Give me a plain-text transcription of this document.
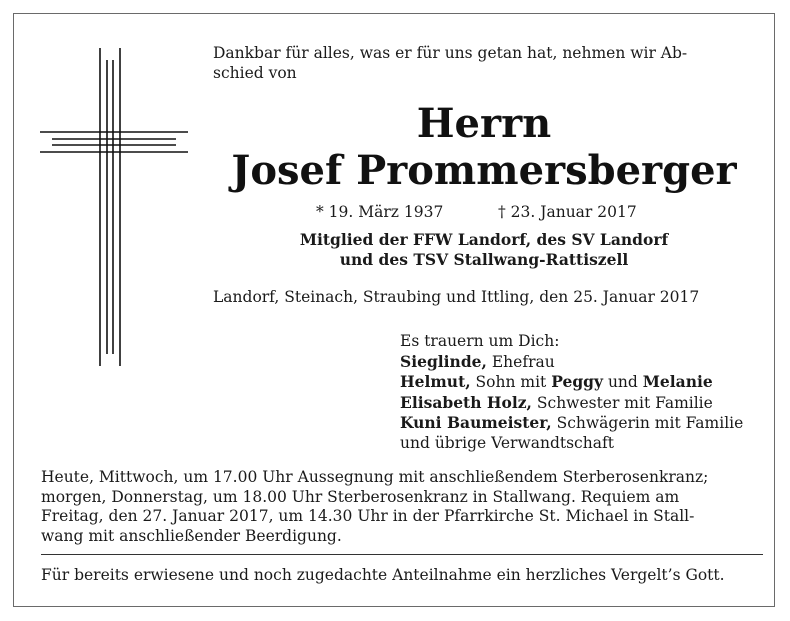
Dankbar für alles, was er für uns getan hat, nehmen wir Ab-
schied von
Herrn
Josef Prommersberger
* 19. März 1937	† 23. Januar 2017
Mitglied der FFW Landorf, des SV Landorf
und des TSV Stallwang-Rattiszell
Landorf, Steinach, Straubing und Ittling, den 25. Januar 2017
Es trauern um Dich:
Sieglinde, Ehefrau
Helmut, Sohn mit Peggy und Melanie
Elisabeth Holz, Schwester mit Familie
Kuni Baumeister, Schwägerin mit Familie
und übrige Verwandtschaft
Heute, Mittwoch, um 17.00 Uhr Aussegnung mit anschließendem Sterberosenkranz;
morgen, Donnerstag, um 18.00 Uhr Sterberosenkranz in Stallwang. Requiem am
Freitag, den 27. Januar 2017, um 14.30 Uhr in der Pfarrkirche St. Michael in Stall-
wang mit anschließender Beerdigung.
Für bereits erwiesene und noch zugedachte Anteilnahme ein herzliches Vergelt’s Gott.
